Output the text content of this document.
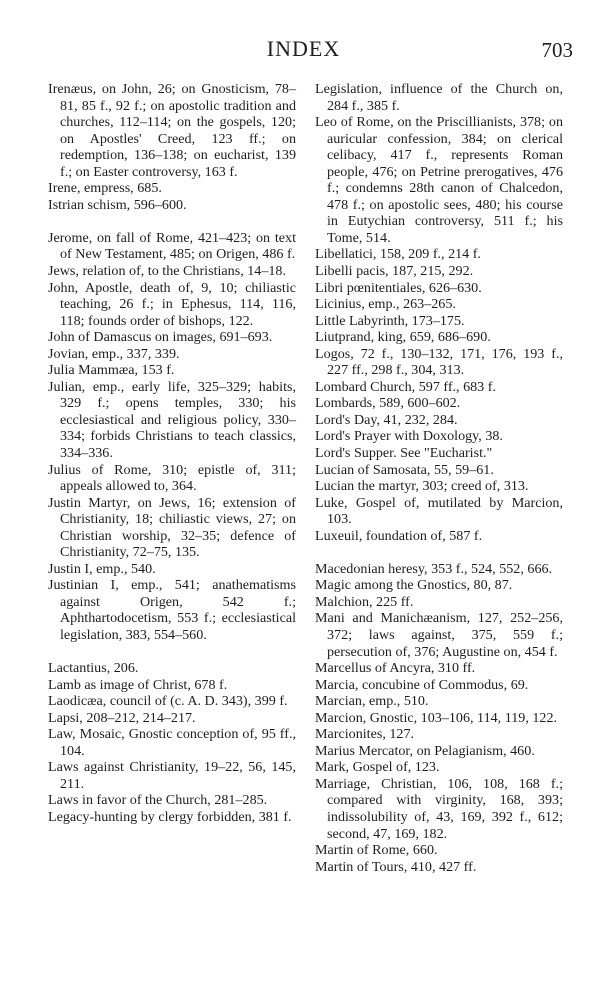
INDEX	703

Irenæus, on John, 26; on Gnosticism, 78–81, 85 f., 92 f.; on apostolic tradition and churches, 112–114; on the gospels, 120; on Apostles' Creed, 123 ff.; on redemption, 136–138; on eucharist, 139 f.; on Easter controversy, 163 f.

Irene, empress, 685.

Istrian schism, 596–600.

Jerome, on fall of Rome, 421–423; on text of New Testament, 485; on Origen, 486 f.

Jews, relation of, to the Christians, 14–18.

John, Apostle, death of, 9, 10; chiliastic teaching, 26 f.; in Ephesus, 114, 116, 118; founds order of bishops, 122.

John of Damascus on images, 691–693.

Jovian, emp., 337, 339.

Julia Mammæa, 153 f.

Julian, emp., early life, 325–329; habits, 329 f.; opens temples, 330; his ecclesiastical and religious policy, 330–334; forbids Christians to teach classics, 334–336.

Julius of Rome, 310; epistle of, 311; appeals allowed to, 364.

Justin Martyr, on Jews, 16; extension of Christianity, 18; chiliastic views, 27; on Christian worship, 32–35; defence of Christianity, 72–75, 135.

Justin I, emp., 540.

Justinian I, emp., 541; anathematisms against Origen, 542 f.; Aphthartodocetism, 553 f.; ecclesiastical legislation, 383, 554–560.

Lactantius, 206.

Lamb as image of Christ, 678 f.

Laodicæa, council of (c. A. D. 343), 399 f.

Lapsi, 208–212, 214–217.

Law, Mosaic, Gnostic conception of, 95 ff., 104.

Laws against Christianity, 19–22, 56, 145, 211.

Laws in favor of the Church, 281–285.

Legacy-hunting by clergy forbidden, 381 f.

Legislation, influence of the Church on, 284 f., 385 f.

Leo of Rome, on the Priscillianists, 378; on auricular confession, 384; on clerical celibacy, 417 f., represents Roman people, 476; on Petrine prerogatives, 476 f.; condemns 28th canon of Chalcedon, 478 f.; on apostolic sees, 480; his course in Eutychian controversy, 511 f.; his Tome, 514.

Libellatici, 158, 209 f., 214 f.

Libelli pacis, 187, 215, 292.

Libri pœnitentiales, 626–630.

Licinius, emp., 263–265.

Little Labyrinth, 173–175.

Liutprand, king, 659, 686–690.

Logos, 72 f., 130–132, 171, 176, 193 f., 227 ff., 298 f., 304, 313.

Lombard Church, 597 ff., 683 f.

Lombards, 589, 600–602.

Lord's Day, 41, 232, 284.

Lord's Prayer with Doxology, 38.

Lord's Supper. See "Eucharist."

Lucian of Samosata, 55, 59–61.

Lucian the martyr, 303; creed of, 313.

Luke, Gospel of, mutilated by Marcion, 103.

Luxeuil, foundation of, 587 f.

Macedonian heresy, 353 f., 524, 552, 666.

Magic among the Gnostics, 80, 87.

Malchion, 225 ff.

Mani and Manichæanism, 127, 252–256, 372; laws against, 375, 559 f.; persecution of, 376; Augustine on, 454 f.

Marcellus of Ancyra, 310 ff.

Marcia, concubine of Commodus, 69.

Marcian, emp., 510.

Marcion, Gnostic, 103–106, 114, 119, 122.

Marcionites, 127.

Marius Mercator, on Pelagianism, 460.

Mark, Gospel of, 123.

Marriage, Christian, 106, 108, 168 f.; compared with virginity, 168, 393; indissolubility of, 43, 169, 392 f., 612; second, 47, 169, 182.

Martin of Rome, 660.

Martin of Tours, 410, 427 ff.
